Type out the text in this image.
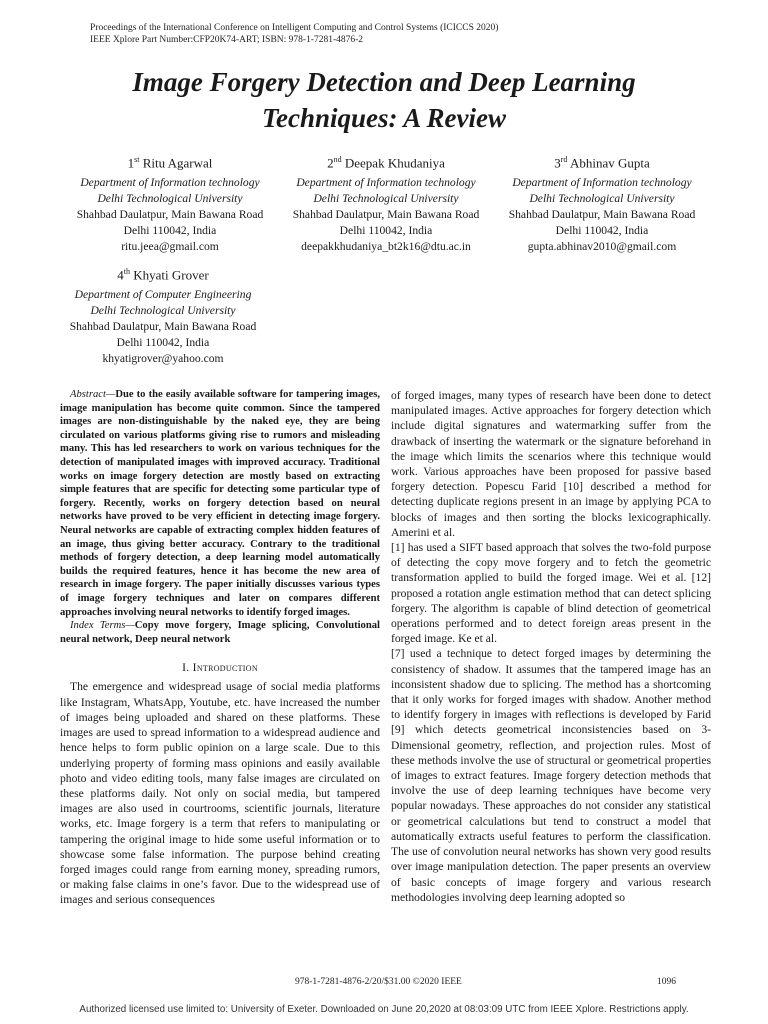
Proceedings of the International Conference on Intelligent Computing and Control Systems (ICICCS 2020)
IEEE Xplore Part Number:CFP20K74-ART; ISBN: 978-1-7281-4876-2
Image Forgery Detection and Deep Learning
Techniques: A Review
1st Ritu Agarwal
Department of Information technology
Delhi Technological University
Shahbad Daulatpur, Main Bawana Road
Delhi 110042, India
ritu.jeea@gmail.com
2nd Deepak Khudaniya
Department of Information technology
Delhi Technological University
Shahbad Daulatpur, Main Bawana Road
Delhi 110042, India
deepakkhudaniya_bt2k16@dtu.ac.in
3rd Abhinav Gupta
Department of Information technology
Delhi Technological University
Shahbad Daulatpur, Main Bawana Road
Delhi 110042, India
gupta.abhinav2010@gmail.com
4th Khyati Grover
Department of Computer Engineering
Delhi Technological University
Shahbad Daulatpur, Main Bawana Road
Delhi 110042, India
khyatigrover@yahoo.com

Abstract—Due to the easily available software for tampering images, image manipulation has become quite common. Since the tampered images are non-distinguishable by the naked eye, they are being circulated on various platforms giving rise to rumors and misleading many. This has led researchers to work on various techniques for the detection of manipulated images with improved accuracy. Traditional works on image forgery detection are mostly based on extracting simple features that are specific for detecting some particular type of forgery. Recently, works on forgery detection based on neural networks have proved to be very efficient in detecting image forgery. Neural networks are capable of extracting complex hidden features of an image, thus giving better accuracy. Contrary to the traditional methods of forgery detection, a deep learning model automatically builds the required features, hence it has become the new area of research in image forgery. The paper initially discusses various types of image forgery techniques and later on compares different approaches involving neural networks to identify forged images.

Index Terms—Copy move forgery, Image splicing, Convolutional neural network, Deep neural network

I. Introduction

The emergence and widespread usage of social media platforms like Instagram, WhatsApp, Youtube, etc. have increased the number of images being uploaded and shared on these platforms. These images are used to spread information to a widespread audience and hence helps to form public opinion on a large scale. Due to this underlying property of forming mass opinions and easily available photo and video editing tools, many false images are circulated on these platforms daily. Not only on social media, but tampered images are also used in courtrooms, scientific journals, literature works, etc. Image forgery is a term that refers to manipulating or tampering the original image to hide some useful information or to showcase some false information. The purpose behind creating forged images could range from earning money, spreading rumors, or making false claims in one’s favor. Due to the widespread use of images and serious consequences

of forged images, many types of research have been done to detect manipulated images. Active approaches for forgery detection which include digital signatures and watermarking suffer from the drawback of inserting the watermark or the signature beforehand in the image which limits the scenarios where this technique would work. Various approaches have been proposed for passive based forgery detection. Popescu Farid [10] described a method for detecting duplicate regions present in an image by applying PCA to blocks of images and then sorting the blocks lexicographically. Amerini et al.

[1] has used a SIFT based approach that solves the two-fold purpose of detecting the copy move forgery and to fetch the geometric transformation applied to build the forged image. Wei et al. [12] proposed a rotation angle estimation method that can detect splicing forgery. The algorithm is capable of blind detection of geometrical operations performed and to detect foreign areas present in the forged image. Ke et al.

[7] used a technique to detect forged images by determining the consistency of shadow. It assumes that the tampered image has an inconsistent shadow due to splicing. The method has a shortcoming that it only works for forged images with shadow. Another method to identify forgery in images with reflections is developed by Farid [9] which detects geometrical inconsistencies based on 3-Dimensional geometry, reflection, and projection rules. Most of these methods involve the use of structural or geometrical properties of images to extract features. Image forgery detection methods that involve the use of deep learning techniques have become very popular nowadays. These approaches do not consider any statistical or geometrical calculations but tend to construct a model that automatically extracts useful features to perform the classification. The use of convolution neural networks has shown very good results over image manipulation detection. The paper presents an overview of basic concepts of image forgery and various research methodologies involving deep learning adopted so

978-1-7281-4876-2/20/$31.00 ©2020 IEEE	1096
Authorized licensed use limited to: University of Exeter. Downloaded on June 20,2020 at 08:03:09 UTC from IEEE Xplore. Restrictions apply.
